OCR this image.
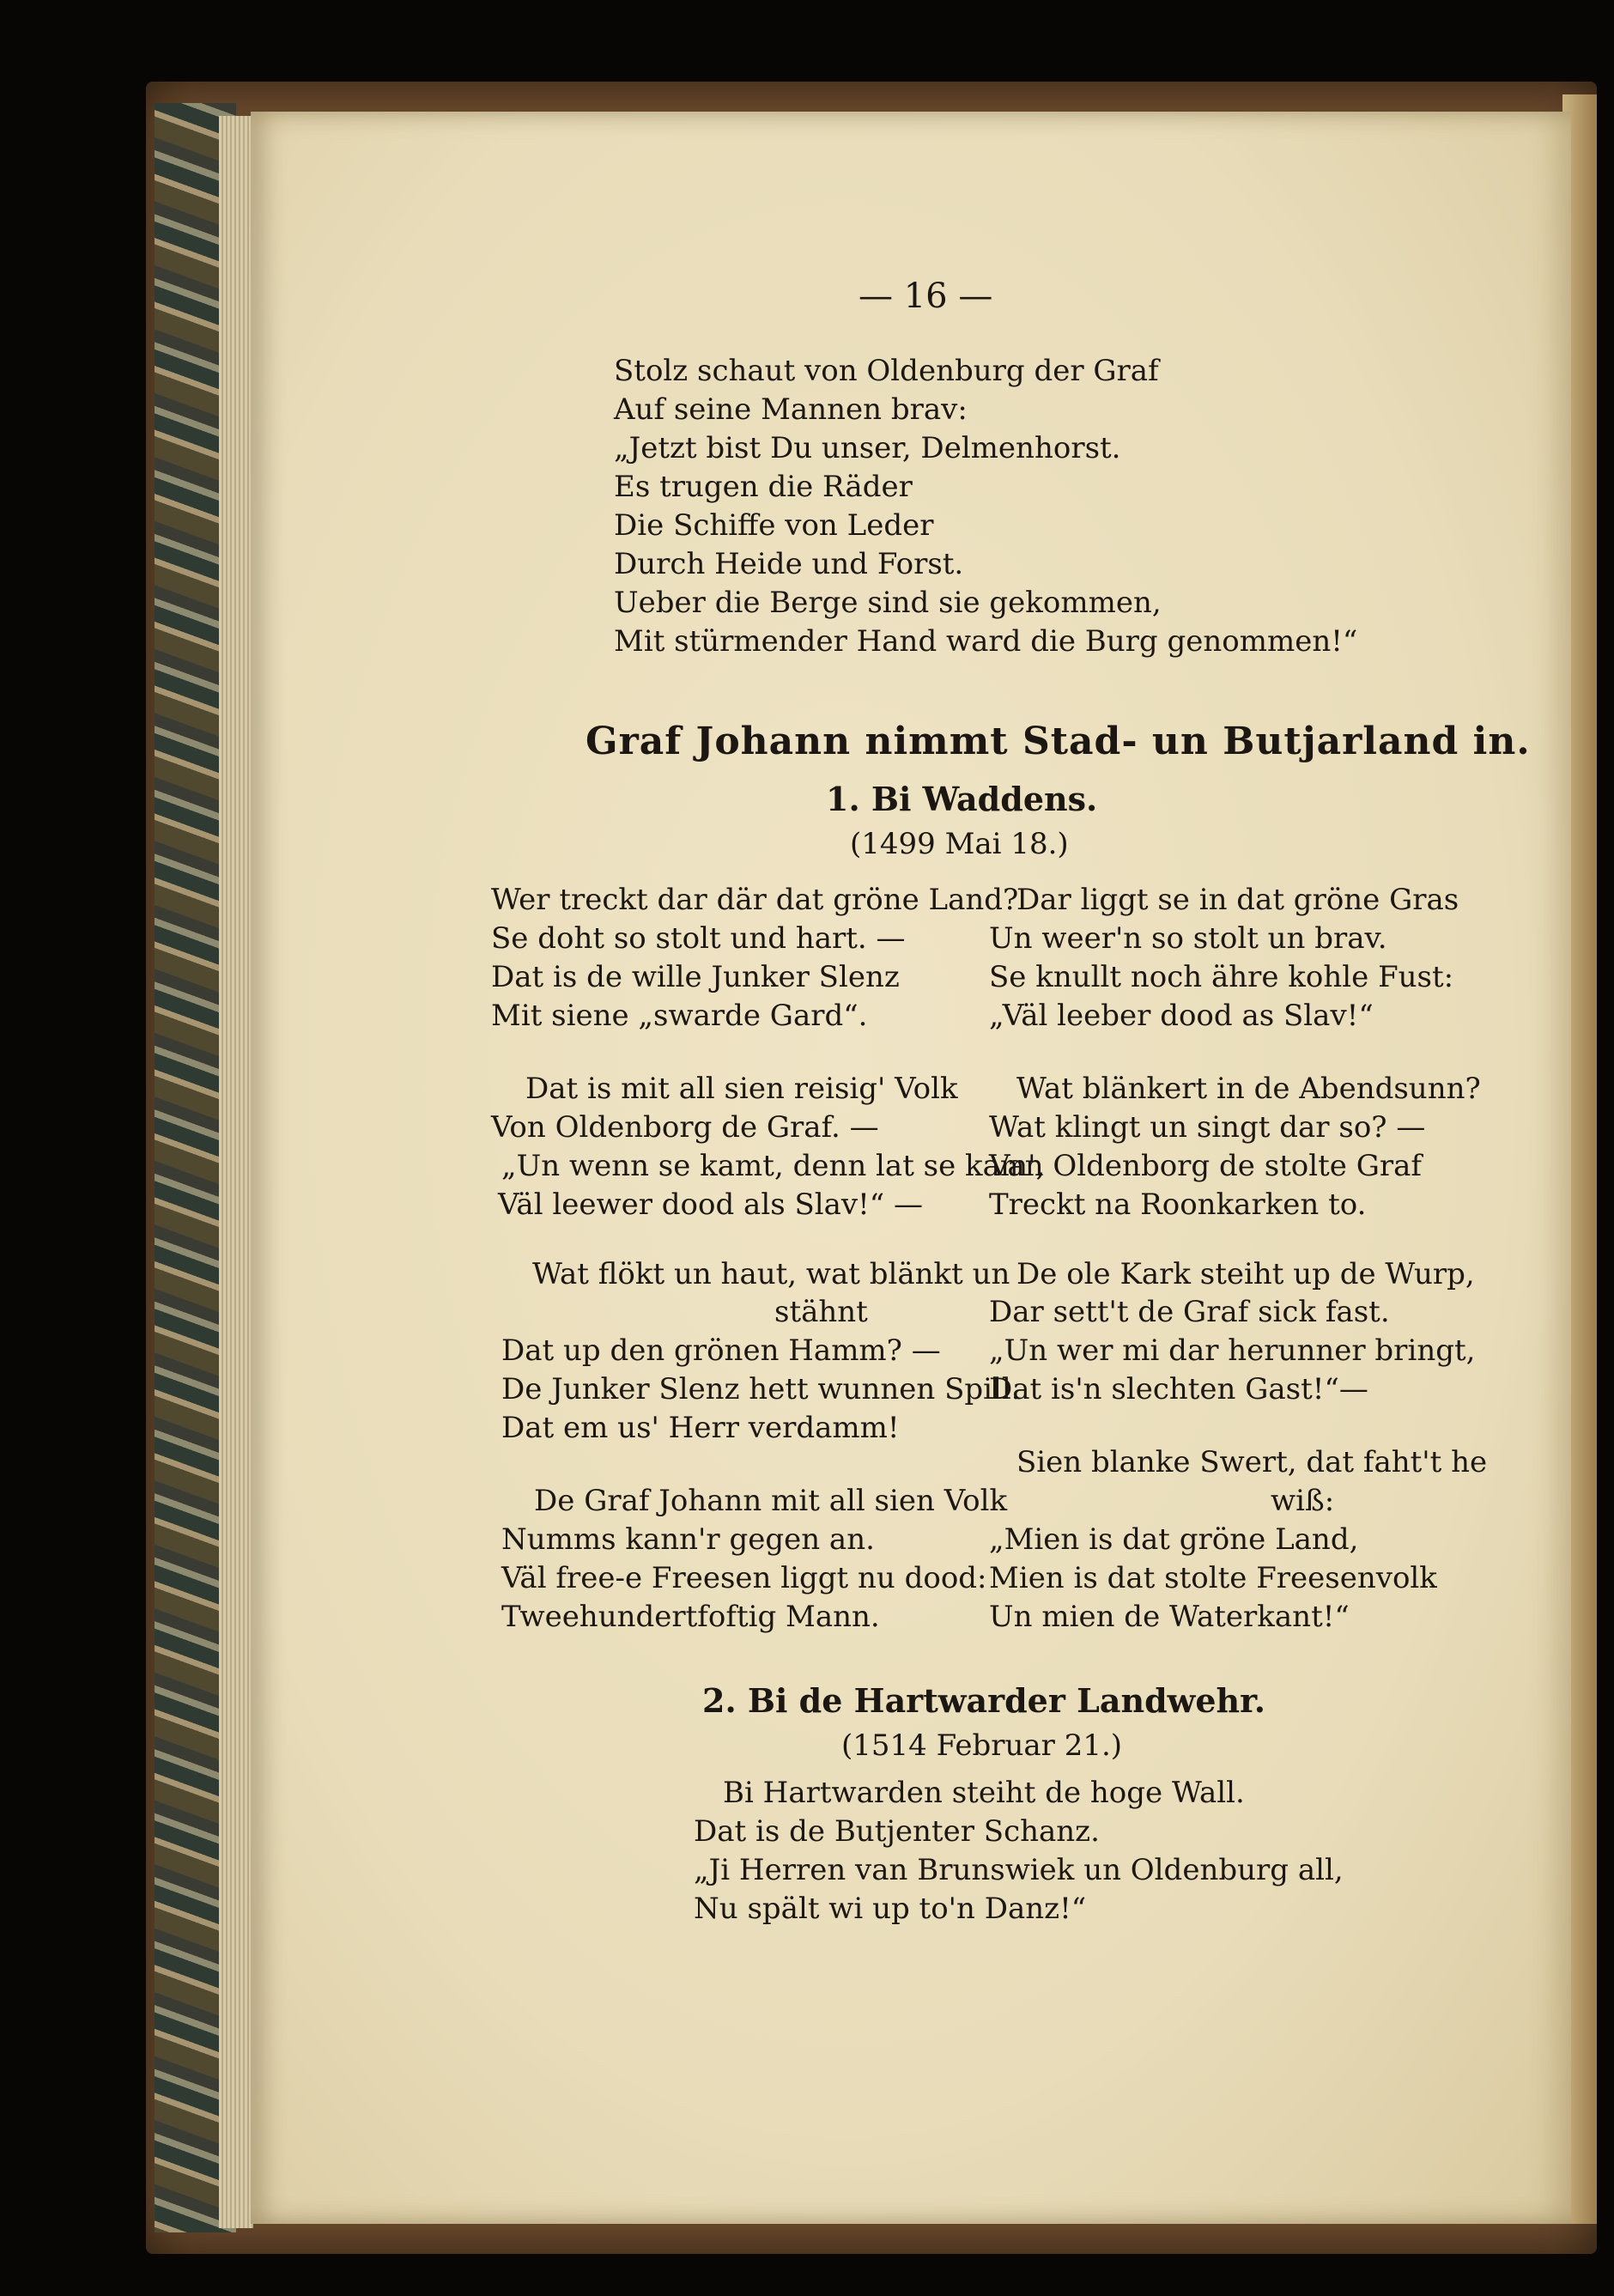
— 16 —
Stolz schaut von Oldenburg der Graf
Auf seine Mannen brav:
„Jetzt bist Du unser, Delmenhorst.
Es trugen die Räder
Die Schiffe von Leder
Durch Heide und Forst.
Ueber die Berge sind sie gekommen,
Mit stürmender Hand ward die Burg genommen!“
Graf Johann nimmt Stad- un Butjarland in.
1. Bi Waddens.
(1499 Mai 18.)
Wer treckt dar där dat gröne Land?
Se doht so stolt und hart. —
Dat is de wille Junker Slenz
Mit siene „swarde Gard“.
Dat is mit all sien reisig' Volk
Von Oldenborg de Graf. —
„Un wenn se kamt, denn lat se kam',
Väl leewer dood als Slav!“ —
Wat flökt un haut, wat blänkt un
stähnt
Dat up den grönen Hamm? —
De Junker Slenz hett wunnen Spill.
Dat em us' Herr verdamm!
De Graf Johann mit all sien Volk
Numms kann'r gegen an.
Väl free-e Freesen liggt nu dood:
Tweehundertfoftig Mann.
Dar liggt se in dat gröne Gras
Un weer'n so stolt un brav.
Se knullt noch ähre kohle Fust:
„Väl leeber dood as Slav!“
Wat blänkert in de Abendsunn?
Wat klingt un singt dar so? —
Van Oldenborg de stolte Graf
Treckt na Roonkarken to.
De ole Kark steiht up de Wurp,
Dar sett't de Graf sick fast.
„Un wer mi dar herunner bringt,
Dat is'n slechten Gast!“—
Sien blanke Swert, dat faht't he
wiß:
„Mien is dat gröne Land,
Mien is dat stolte Freesenvolk
Un mien de Waterkant!“
2. Bi de Hartwarder Landwehr.
(1514 Februar 21.)
Bi Hartwarden steiht de hoge Wall.
Dat is de Butjenter Schanz.
„Ji Herren van Brunswiek un Oldenburg all,
Nu spält wi up to'n Danz!“
